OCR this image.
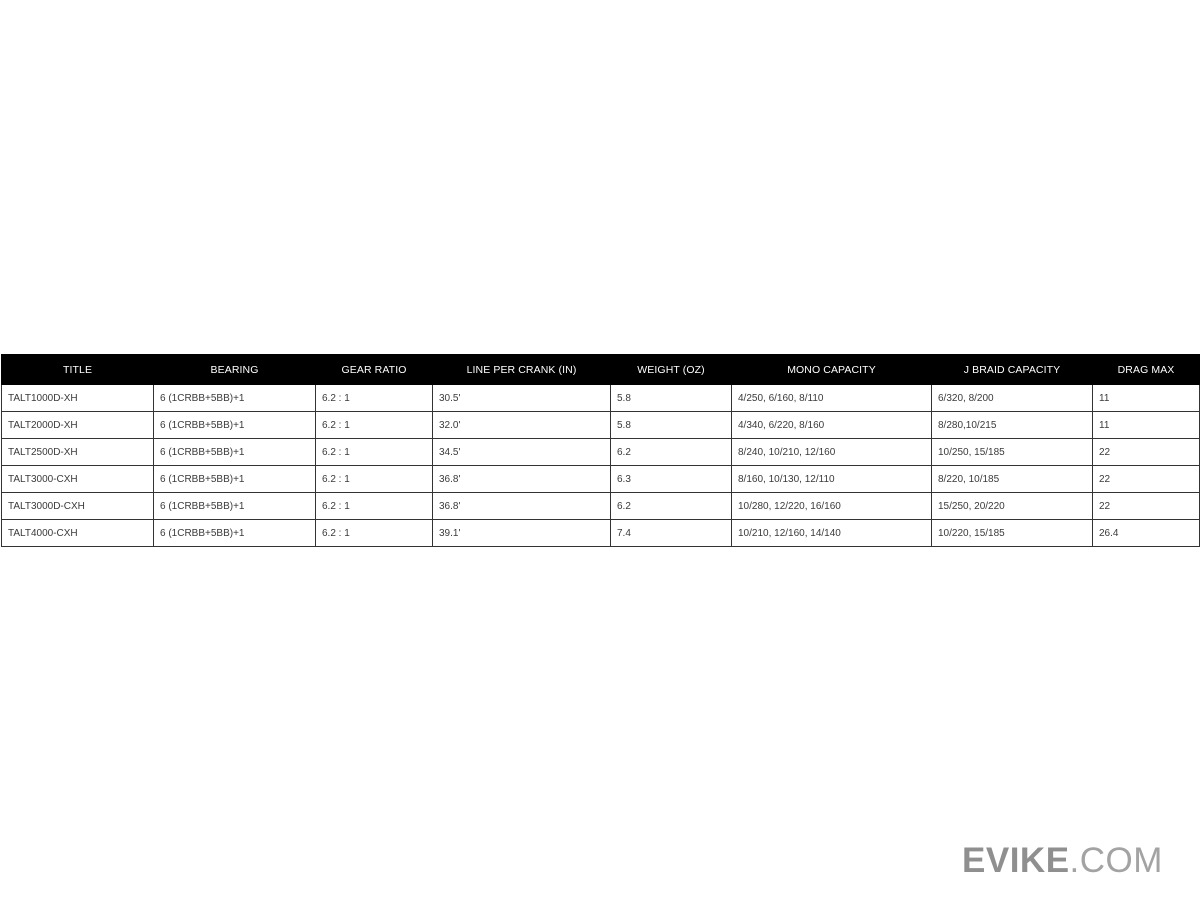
TITLE	BEARING	GEAR RATIO	LINE PER CRANK (IN)	WEIGHT (OZ)	MONO CAPACITY	J BRAID CAPACITY	DRAG MAX
TALT1000D-XH	6 (1CRBB+5BB)+1	6.2 : 1	30.5'	5.8	4/250, 6/160, 8/110	6/320, 8/200	11
TALT2000D-XH	6 (1CRBB+5BB)+1	6.2 : 1	32.0'	5.8	4/340, 6/220, 8/160	8/280,10/215	11
TALT2500D-XH	6 (1CRBB+5BB)+1	6.2 : 1	34.5'	6.2	8/240, 10/210, 12/160	10/250, 15/185	22
TALT3000-CXH	6 (1CRBB+5BB)+1	6.2 : 1	36.8'	6.3	8/160, 10/130, 12/110	8/220, 10/185	22
TALT3000D-CXH	6 (1CRBB+5BB)+1	6.2 : 1	36.8'	6.2	10/280, 12/220, 16/160	15/250, 20/220	22
TALT4000-CXH	6 (1CRBB+5BB)+1	6.2 : 1	39.1'	7.4	10/210, 12/160, 14/140	10/220, 15/185	26.4
EVIKE.COM
